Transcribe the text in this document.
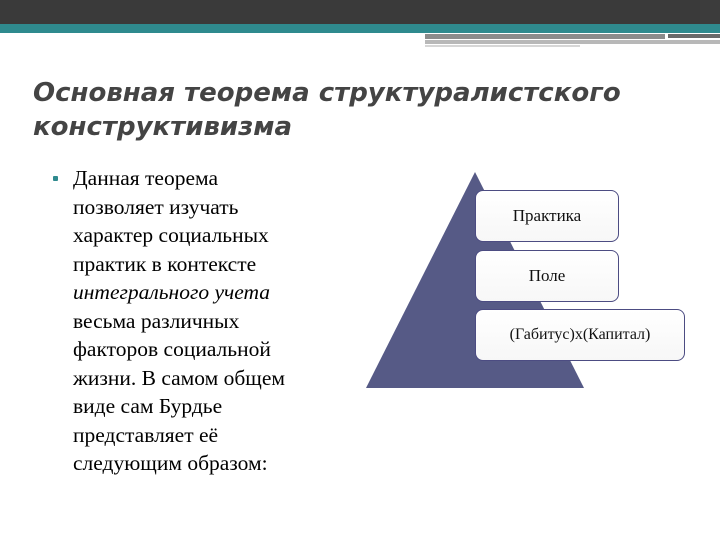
Основная теорема структуралистского
конструктивизма
Данная теорема
позволяет изучать
характер социальных
практик в контексте
интегрального учета
весьма различных
факторов социальной
жизни. В самом общем
виде сам Бурдье
представляет её
следующим образом:
Практика
Поле
(Габитус)x(Капитал)
